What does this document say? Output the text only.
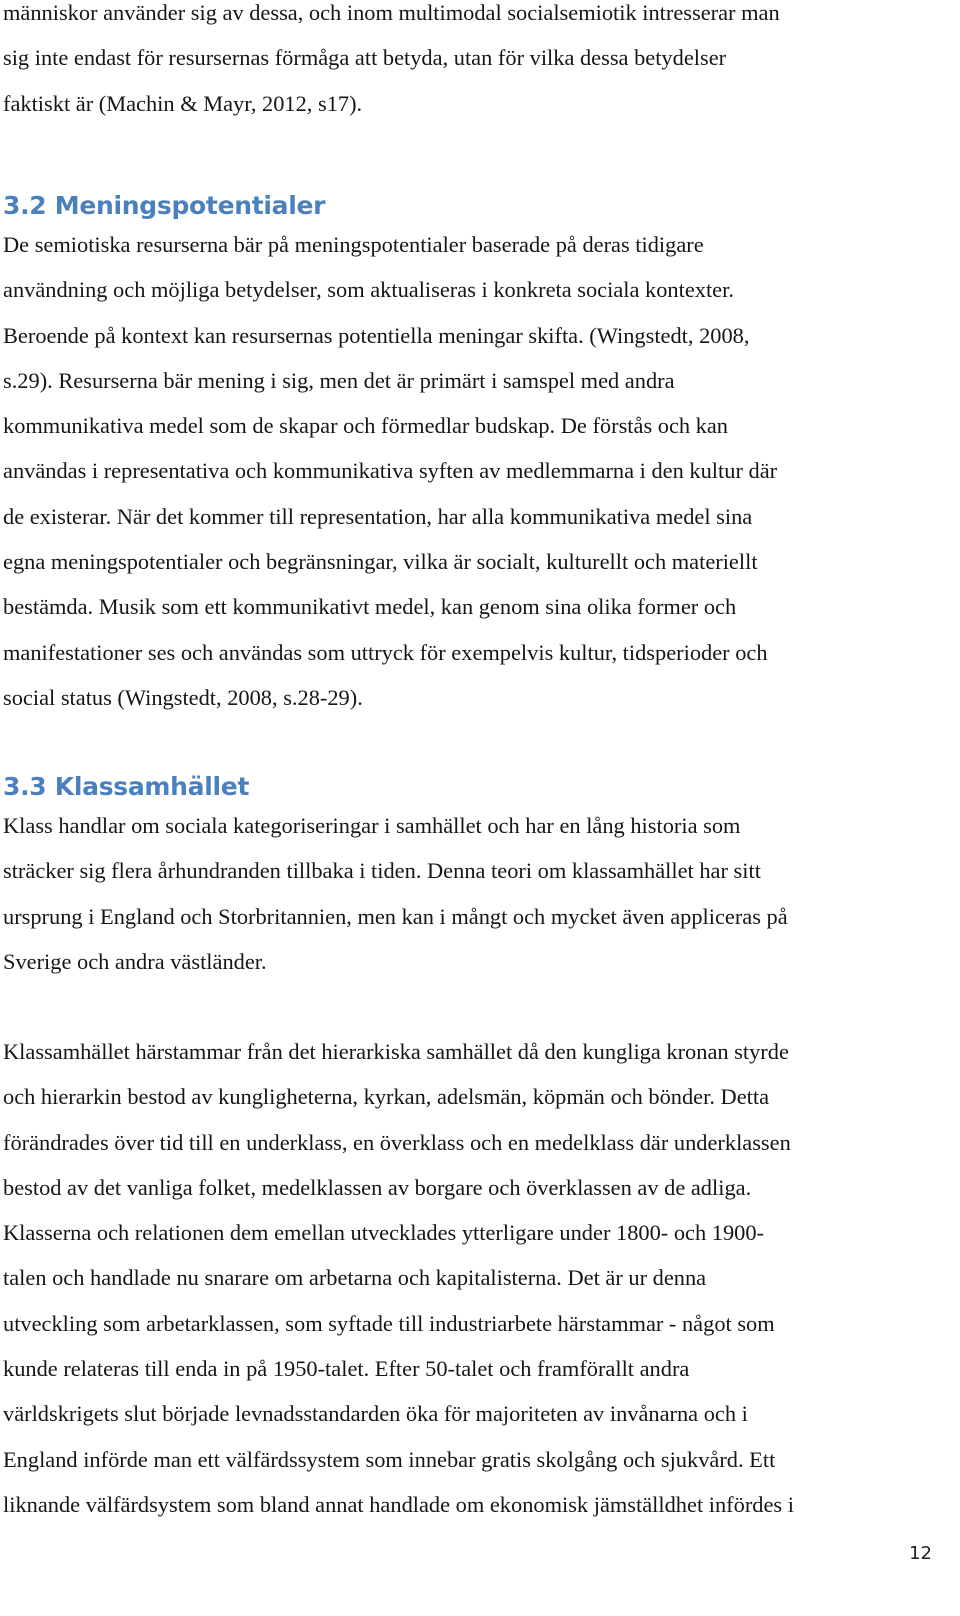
människor använder sig av dessa, och inom multimodal socialsemiotik intresserar man
sig inte endast för resursernas förmåga att betyda, utan för vilka dessa betydelser
faktiskt är (Machin & Mayr, 2012, s17).

3.2 Meningspotentialer

De semiotiska resurserna bär på meningspotentialer baserade på deras tidigare
användning och möjliga betydelser, som aktualiseras i konkreta sociala kontexter.
Beroende på kontext kan resursernas potentiella meningar skifta. (Wingstedt, 2008,
s.29). Resurserna bär mening i sig, men det är primärt i samspel med andra
kommunikativa medel som de skapar och förmedlar budskap. De förstås och kan
användas i representativa och kommunikativa syften av medlemmarna i den kultur där
de existerar. När det kommer till representation, har alla kommunikativa medel sina
egna meningspotentialer och begränsningar, vilka är socialt, kulturellt och materiellt
bestämda. Musik som ett kommunikativt medel, kan genom sina olika former och
manifestationer ses och användas som uttryck för exempelvis kultur, tidsperioder och
social status (Wingstedt, 2008, s.28-29).

3.3 Klassamhället

Klass handlar om sociala kategoriseringar i samhället och har en lång historia som
sträcker sig flera århundranden tillbaka i tiden. Denna teori om klassamhället har sitt
ursprung i England och Storbritannien, men kan i mångt och mycket även appliceras på
Sverige och andra västländer.

Klassamhället härstammar från det hierarkiska samhället då den kungliga kronan styrde
och hierarkin bestod av kungligheterna, kyrkan, adelsmän, köpmän och bönder. Detta
förändrades över tid till en underklass, en överklass och en medelklass där underklassen
bestod av det vanliga folket, medelklassen av borgare och överklassen av de adliga.
Klasserna och relationen dem emellan utvecklades ytterligare under 1800- och 1900-
talen och handlade nu snarare om arbetarna och kapitalisterna. Det är ur denna
utveckling som arbetarklassen, som syftade till industriarbete härstammar - något som
kunde relateras till enda in på 1950-talet. Efter 50-talet och framförallt andra
världskrigets slut började levnadsstandarden öka för majoriteten av invånarna och i
England införde man ett välfärdssystem som innebar gratis skolgång och sjukvård. Ett
liknande välfärdsystem som bland annat handlade om ekonomisk jämställdhet infördes i

12
